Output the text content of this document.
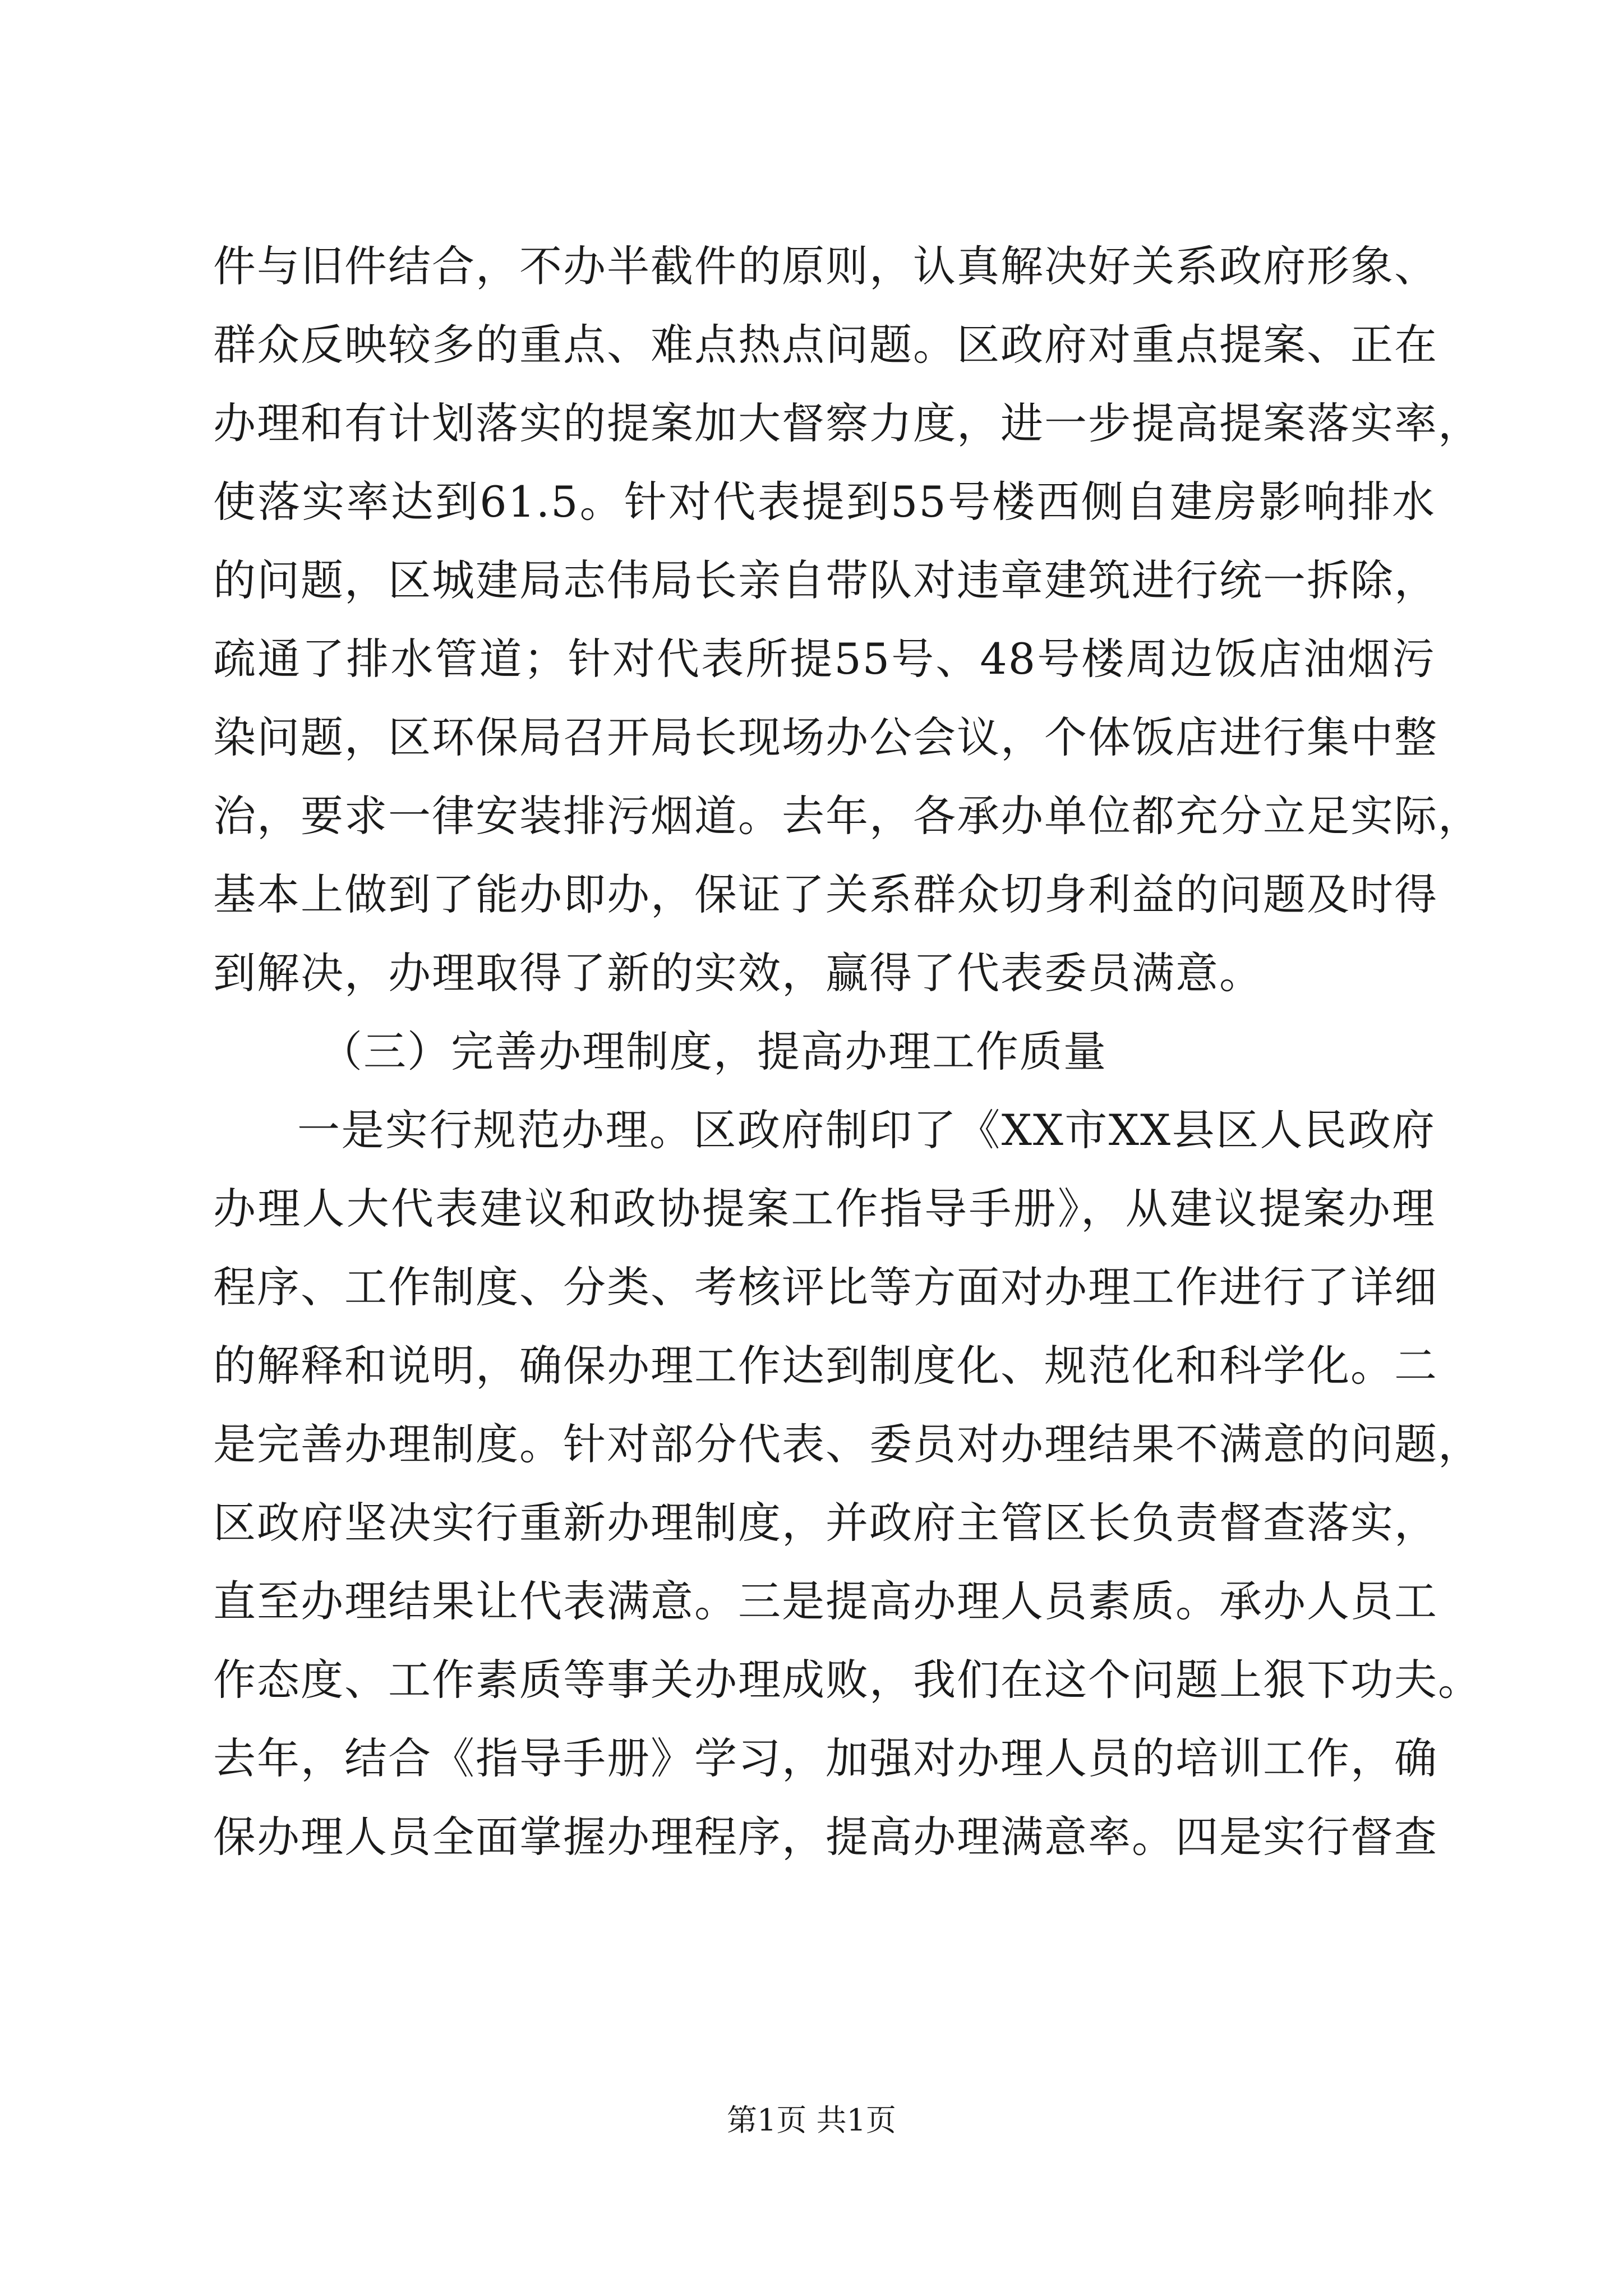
件与旧件结合，不办半截件的原则，认真解决好关系政府形象、
群众反映较多的重点、难点热点问题。区政府对重点提案、正在
办理和有计划落实的提案加大督察力度，进一步提高提案落实率，
使落实率达到61.5。针对代表提到55号楼西侧自建房影响排水
的问题，区城建局志伟局长亲自带队对违章建筑进行统一拆除，
疏通了排水管道；针对代表所提55号、48号楼周边饭店油烟污
染问题，区环保局召开局长现场办公会议，个体饭店进行集中整
治，要求一律安装排污烟道。去年，各承办单位都充分立足实际，
基本上做到了能办即办，保证了关系群众切身利益的问题及时得
到解决，办理取得了新的实效，赢得了代表委员满意。
（三）完善办理制度，提高办理工作质量
一是实行规范办理。区政府制印了《XX市XX县区人民政府
办理人大代表建议和政协提案工作指导手册》，从建议提案办理
程序、工作制度、分类、考核评比等方面对办理工作进行了详细
的解释和说明，确保办理工作达到制度化、规范化和科学化。二
是完善办理制度。针对部分代表、委员对办理结果不满意的问题，
区政府坚决实行重新办理制度，并政府主管区长负责督查落实，
直至办理结果让代表满意。三是提高办理人员素质。承办人员工
作态度、工作素质等事关办理成败，我们在这个问题上狠下功夫。
去年，结合《指导手册》学习，加强对办理人员的培训工作，确
保办理人员全面掌握办理程序，提高办理满意率。四是实行督查
第1页 共1页
